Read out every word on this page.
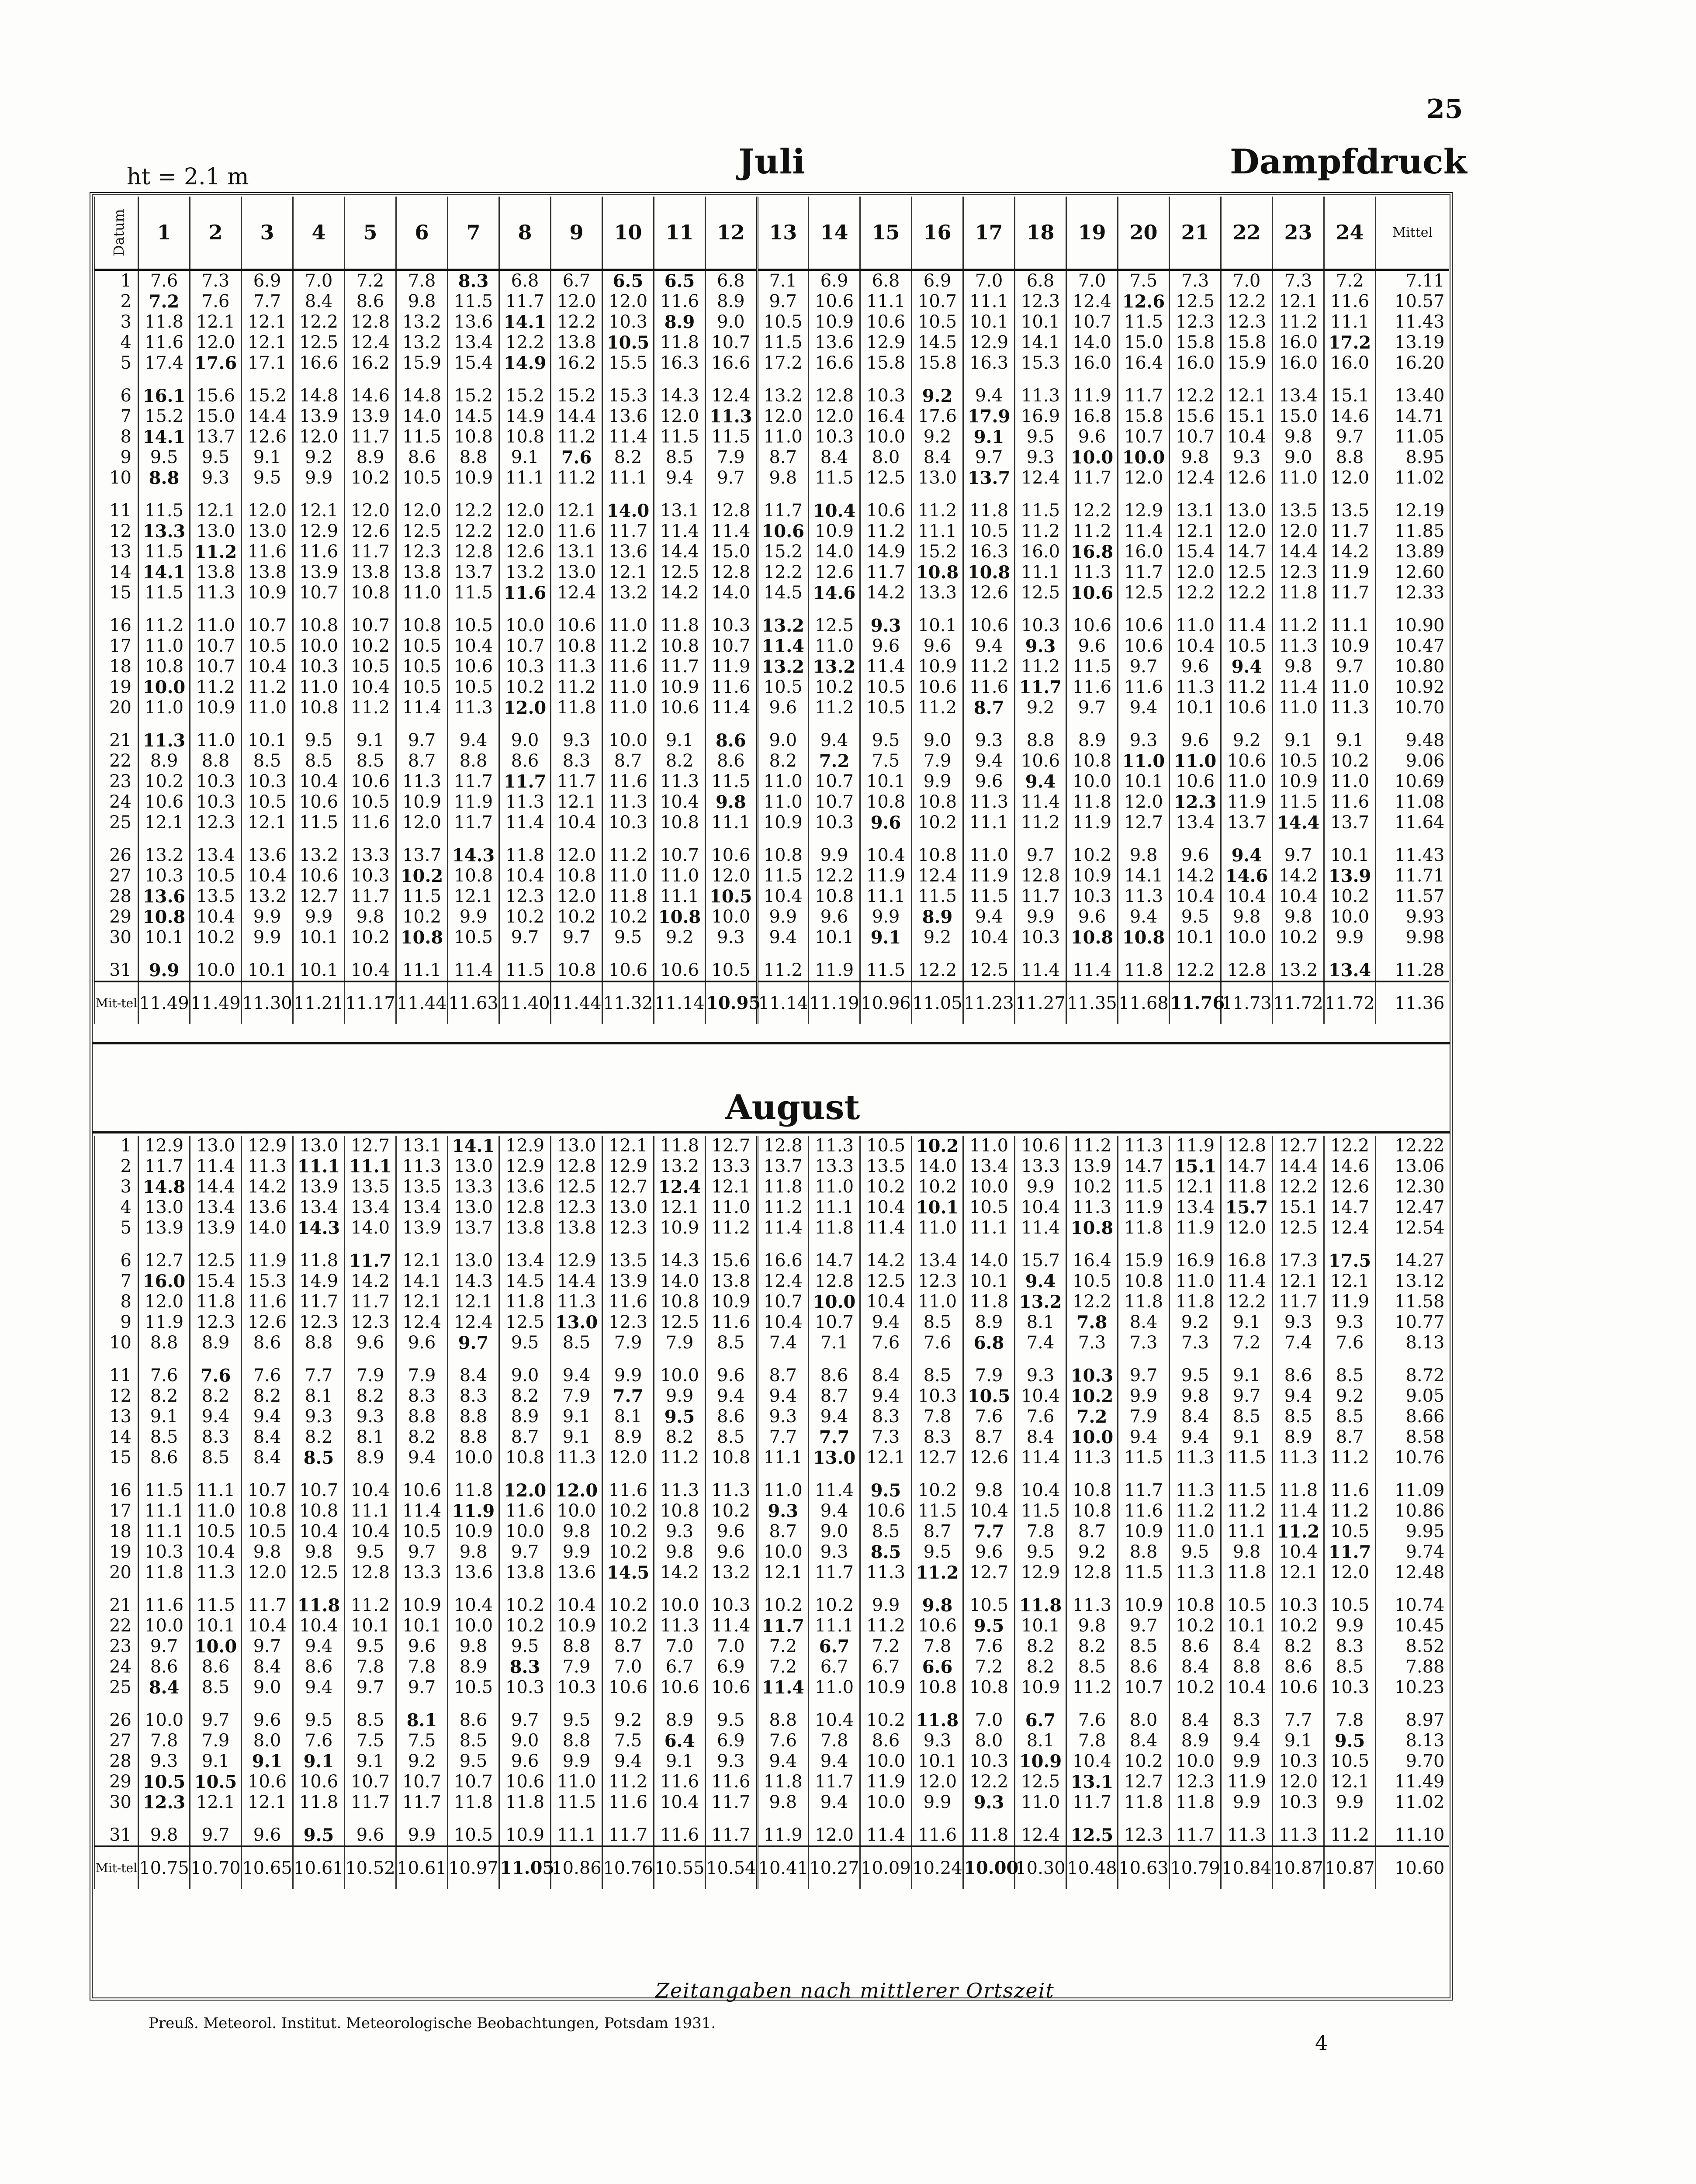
25
ht = 2.1 m	Juli	Dampfdruck
Datum	1	2	3	4	5	6	7	8	9	10	11	12	13	14	15	16	17	18	19	20	21	22	23	24	Mittel
1	7.6	7.3	6.9	7.0	7.2	7.8	8.3	6.8	6.7	6.5	6.5	6.8	7.1	6.9	6.8	6.9	7.0	6.8	7.0	7.5	7.3	7.0	7.3	7.2	7.11
2	7.2	7.6	7.7	8.4	8.6	9.8	11.5	11.7	12.0	12.0	11.6	8.9	9.7	10.6	11.1	10.7	11.1	12.3	12.4	12.6	12.5	12.2	12.1	11.6	10.57
3	11.8	12.1	12.1	12.2	12.8	13.2	13.6	14.1	12.2	10.3	8.9	9.0	10.5	10.9	10.6	10.5	10.1	10.1	10.7	11.5	12.3	12.3	11.2	11.1	11.43
4	11.6	12.0	12.1	12.5	12.4	13.2	13.4	12.2	13.8	10.5	11.8	10.7	11.5	13.6	12.9	14.5	12.9	14.1	14.0	15.0	15.8	15.8	16.0	17.2	13.19
5	17.4	17.6	17.1	16.6	16.2	15.9	15.4	14.9	16.2	15.5	16.3	16.6	17.2	16.6	15.8	15.8	16.3	15.3	16.0	16.4	16.0	15.9	16.0	16.0	16.20
6	16.1	15.6	15.2	14.8	14.6	14.8	15.2	15.2	15.2	15.3	14.3	12.4	13.2	12.8	10.3	9.2	9.4	11.3	11.9	11.7	12.2	12.1	13.4	15.1	13.40
7	15.2	15.0	14.4	13.9	13.9	14.0	14.5	14.9	14.4	13.6	12.0	11.3	12.0	12.0	16.4	17.6	17.9	16.9	16.8	15.8	15.6	15.1	15.0	14.6	14.71
8	14.1	13.7	12.6	12.0	11.7	11.5	10.8	10.8	11.2	11.4	11.5	11.5	11.0	10.3	10.0	9.2	9.1	9.5	9.6	10.7	10.7	10.4	9.8	9.7	11.05
9	9.5	9.5	9.1	9.2	8.9	8.6	8.8	9.1	7.6	8.2	8.5	7.9	8.7	8.4	8.0	8.4	9.7	9.3	10.0	10.0	9.8	9.3	9.0	8.8	8.95
10	8.8	9.3	9.5	9.9	10.2	10.5	10.9	11.1	11.2	11.1	9.4	9.7	9.8	11.5	12.5	13.0	13.7	12.4	11.7	12.0	12.4	12.6	11.0	12.0	11.02
11	11.5	12.1	12.0	12.1	12.0	12.0	12.2	12.0	12.1	14.0	13.1	12.8	11.7	10.4	10.6	11.2	11.8	11.5	12.2	12.9	13.1	13.0	13.5	13.5	12.19
12	13.3	13.0	13.0	12.9	12.6	12.5	12.2	12.0	11.6	11.7	11.4	11.4	10.6	10.9	11.2	11.1	10.5	11.2	11.2	11.4	12.1	12.0	12.0	11.7	11.85
13	11.5	11.2	11.6	11.6	11.7	12.3	12.8	12.6	13.1	13.6	14.4	15.0	15.2	14.0	14.9	15.2	16.3	16.0	16.8	16.0	15.4	14.7	14.4	14.2	13.89
14	14.1	13.8	13.8	13.9	13.8	13.8	13.7	13.2	13.0	12.1	12.5	12.8	12.2	12.6	11.7	10.8	10.8	11.1	11.3	11.7	12.0	12.5	12.3	11.9	12.60
15	11.5	11.3	10.9	10.7	10.8	11.0	11.5	11.6	12.4	13.2	14.2	14.0	14.5	14.6	14.2	13.3	12.6	12.5	10.6	12.5	12.2	12.2	11.8	11.7	12.33
16	11.2	11.0	10.7	10.8	10.7	10.8	10.5	10.0	10.6	11.0	11.8	10.3	13.2	12.5	9.3	10.1	10.6	10.3	10.6	10.6	11.0	11.4	11.2	11.1	10.90
17	11.0	10.7	10.5	10.0	10.2	10.5	10.4	10.7	10.8	11.2	10.8	10.7	11.4	11.0	9.6	9.6	9.4	9.3	9.6	10.6	10.4	10.5	11.3	10.9	10.47
18	10.8	10.7	10.4	10.3	10.5	10.5	10.6	10.3	11.3	11.6	11.7	11.9	13.2	13.2	11.4	10.9	11.2	11.2	11.5	9.7	9.6	9.4	9.8	9.7	10.80
19	10.0	11.2	11.2	11.0	10.4	10.5	10.5	10.2	11.2	11.0	10.9	11.6	10.5	10.2	10.5	10.6	11.6	11.7	11.6	11.6	11.3	11.2	11.4	11.0	10.92
20	11.0	10.9	11.0	10.8	11.2	11.4	11.3	12.0	11.8	11.0	10.6	11.4	9.6	11.2	10.5	11.2	8.7	9.2	9.7	9.4	10.1	10.6	11.0	11.3	10.70
21	11.3	11.0	10.1	9.5	9.1	9.7	9.4	9.0	9.3	10.0	9.1	8.6	9.0	9.4	9.5	9.0	9.3	8.8	8.9	9.3	9.6	9.2	9.1	9.1	9.48
22	8.9	8.8	8.5	8.5	8.5	8.7	8.8	8.6	8.3	8.7	8.2	8.6	8.2	7.2	7.5	7.9	9.4	10.6	10.8	11.0	11.0	10.6	10.5	10.2	9.06
23	10.2	10.3	10.3	10.4	10.6	11.3	11.7	11.7	11.7	11.6	11.3	11.5	11.0	10.7	10.1	9.9	9.6	9.4	10.0	10.1	10.6	11.0	10.9	11.0	10.69
24	10.6	10.3	10.5	10.6	10.5	10.9	11.9	11.3	12.1	11.3	10.4	9.8	11.0	10.7	10.8	10.8	11.3	11.4	11.8	12.0	12.3	11.9	11.5	11.6	11.08
25	12.1	12.3	12.1	11.5	11.6	12.0	11.7	11.4	10.4	10.3	10.8	11.1	10.9	10.3	9.6	10.2	11.1	11.2	11.9	12.7	13.4	13.7	14.4	13.7	11.64
26	13.2	13.4	13.6	13.2	13.3	13.7	14.3	11.8	12.0	11.2	10.7	10.6	10.8	9.9	10.4	10.8	11.0	9.7	10.2	9.8	9.6	9.4	9.7	10.1	11.43
27	10.3	10.5	10.4	10.6	10.3	10.2	10.8	10.4	10.8	11.0	11.0	12.0	11.5	12.2	11.9	12.4	11.9	12.8	10.9	14.1	14.2	14.6	14.2	13.9	11.71
28	13.6	13.5	13.2	12.7	11.7	11.5	12.1	12.3	12.0	11.8	11.1	10.5	10.4	10.8	11.1	11.5	11.5	11.7	10.3	11.3	10.4	10.4	10.4	10.2	11.57
29	10.8	10.4	9.9	9.9	9.8	10.2	9.9	10.2	10.2	10.2	10.8	10.0	9.9	9.6	9.9	8.9	9.4	9.9	9.6	9.4	9.5	9.8	9.8	10.0	9.93
30	10.1	10.2	9.9	10.1	10.2	10.8	10.5	9.7	9.7	9.5	9.2	9.3	9.4	10.1	9.1	9.2	10.4	10.3	10.8	10.8	10.1	10.0	10.2	9.9	9.98
31	9.9	10.0	10.1	10.1	10.4	11.1	11.4	11.5	10.8	10.6	10.6	10.5	11.2	11.9	11.5	12.2	12.5	11.4	11.4	11.8	12.2	12.8	13.2	13.4	11.28
Mit-tel	11.49	11.49	11.30	11.21	11.17	11.44	11.63	11.40	11.44	11.32	11.14	10.95	11.14	11.19	10.96	11.05	11.23	11.27	11.35	11.68	11.76	11.73	11.72	11.72	11.36
August
1	12.9	13.0	12.9	13.0	12.7	13.1	14.1	12.9	13.0	12.1	11.8	12.7	12.8	11.3	10.5	10.2	11.0	10.6	11.2	11.3	11.9	12.8	12.7	12.2	12.22
2	11.7	11.4	11.3	11.1	11.1	11.3	13.0	12.9	12.8	12.9	13.2	13.3	13.7	13.3	13.5	14.0	13.4	13.3	13.9	14.7	15.1	14.7	14.4	14.6	13.06
3	14.8	14.4	14.2	13.9	13.5	13.5	13.3	13.6	12.5	12.7	12.4	12.1	11.8	11.0	10.2	10.2	10.0	9.9	10.2	11.5	12.1	11.8	12.2	12.6	12.30
4	13.0	13.4	13.6	13.4	13.4	13.4	13.0	12.8	12.3	13.0	12.1	11.0	11.2	11.1	10.4	10.1	10.5	10.4	11.3	11.9	13.4	15.7	15.1	14.7	12.47
5	13.9	13.9	14.0	14.3	14.0	13.9	13.7	13.8	13.8	12.3	10.9	11.2	11.4	11.8	11.4	11.0	11.1	11.4	10.8	11.8	11.9	12.0	12.5	12.4	12.54
6	12.7	12.5	11.9	11.8	11.7	12.1	13.0	13.4	12.9	13.5	14.3	15.6	16.6	14.7	14.2	13.4	14.0	15.7	16.4	15.9	16.9	16.8	17.3	17.5	14.27
7	16.0	15.4	15.3	14.9	14.2	14.1	14.3	14.5	14.4	13.9	14.0	13.8	12.4	12.8	12.5	12.3	10.1	9.4	10.5	10.8	11.0	11.4	12.1	12.1	13.12
8	12.0	11.8	11.6	11.7	11.7	12.1	12.1	11.8	11.3	11.6	10.8	10.9	10.7	10.0	10.4	11.0	11.8	13.2	12.2	11.8	11.8	12.2	11.7	11.9	11.58
9	11.9	12.3	12.6	12.3	12.3	12.4	12.4	12.5	13.0	12.3	12.5	11.6	10.4	10.7	9.4	8.5	8.9	8.1	7.8	8.4	9.2	9.1	9.3	9.3	10.77
10	8.8	8.9	8.6	8.8	9.6	9.6	9.7	9.5	8.5	7.9	7.9	8.5	7.4	7.1	7.6	7.6	6.8	7.4	7.3	7.3	7.3	7.2	7.4	7.6	8.13
11	7.6	7.6	7.6	7.7	7.9	7.9	8.4	9.0	9.4	9.9	10.0	9.6	8.7	8.6	8.4	8.5	7.9	9.3	10.3	9.7	9.5	9.1	8.6	8.5	8.72
12	8.2	8.2	8.2	8.1	8.2	8.3	8.3	8.2	7.9	7.7	9.9	9.4	9.4	8.7	9.4	10.3	10.5	10.4	10.2	9.9	9.8	9.7	9.4	9.2	9.05
13	9.1	9.4	9.4	9.3	9.3	8.8	8.8	8.9	9.1	8.1	9.5	8.6	9.3	9.4	8.3	7.8	7.6	7.6	7.2	7.9	8.4	8.5	8.5	8.5	8.66
14	8.5	8.3	8.4	8.2	8.1	8.2	8.8	8.7	9.1	8.9	8.2	8.5	7.7	7.7	7.3	8.3	8.7	8.4	10.0	9.4	9.4	9.1	8.9	8.7	8.58
15	8.6	8.5	8.4	8.5	8.9	9.4	10.0	10.8	11.3	12.0	11.2	10.8	11.1	13.0	12.1	12.7	12.6	11.4	11.3	11.5	11.3	11.5	11.3	11.2	10.76
16	11.5	11.1	10.7	10.7	10.4	10.6	11.8	12.0	12.0	11.6	11.3	11.3	11.0	11.4	9.5	10.2	9.8	10.4	10.8	11.7	11.3	11.5	11.8	11.6	11.09
17	11.1	11.0	10.8	10.8	11.1	11.4	11.9	11.6	10.0	10.2	10.8	10.2	9.3	9.4	10.6	11.5	10.4	11.5	10.8	11.6	11.2	11.2	11.4	11.2	10.86
18	11.1	10.5	10.5	10.4	10.4	10.5	10.9	10.0	9.8	10.2	9.3	9.6	8.7	9.0	8.5	8.7	7.7	7.8	8.7	10.9	11.0	11.1	11.2	10.5	9.95
19	10.3	10.4	9.8	9.8	9.5	9.7	9.8	9.7	9.9	10.2	9.8	9.6	10.0	9.3	8.5	9.5	9.6	9.5	9.2	8.8	9.5	9.8	10.4	11.7	9.74
20	11.8	11.3	12.0	12.5	12.8	13.3	13.6	13.8	13.6	14.5	14.2	13.2	12.1	11.7	11.3	11.2	12.7	12.9	12.8	11.5	11.3	11.8	12.1	12.0	12.48
21	11.6	11.5	11.7	11.8	11.2	10.9	10.4	10.2	10.4	10.2	10.0	10.3	10.2	10.2	9.9	9.8	10.5	11.8	11.3	10.9	10.8	10.5	10.3	10.5	10.74
22	10.0	10.1	10.4	10.4	10.1	10.1	10.0	10.2	10.9	10.2	11.3	11.4	11.7	11.1	11.2	10.6	9.5	10.1	9.8	9.7	10.2	10.1	10.2	9.9	10.45
23	9.7	10.0	9.7	9.4	9.5	9.6	9.8	9.5	8.8	8.7	7.0	7.0	7.2	6.7	7.2	7.8	7.6	8.2	8.2	8.5	8.6	8.4	8.2	8.3	8.52
24	8.6	8.6	8.4	8.6	7.8	7.8	8.9	8.3	7.9	7.0	6.7	6.9	7.2	6.7	6.7	6.6	7.2	8.2	8.5	8.6	8.4	8.8	8.6	8.5	7.88
25	8.4	8.5	9.0	9.4	9.7	9.7	10.5	10.3	10.3	10.6	10.6	10.6	11.4	11.0	10.9	10.8	10.8	10.9	11.2	10.7	10.2	10.4	10.6	10.3	10.23
26	10.0	9.7	9.6	9.5	8.5	8.1	8.6	9.7	9.5	9.2	8.9	9.5	8.8	10.4	10.2	11.8	7.0	6.7	7.6	8.0	8.4	8.3	7.7	7.8	8.97
27	7.8	7.9	8.0	7.6	7.5	7.5	8.5	9.0	8.8	7.5	6.4	6.9	7.6	7.8	8.6	9.3	8.0	8.1	7.8	8.4	8.9	9.4	9.1	9.5	8.13
28	9.3	9.1	9.1	9.1	9.1	9.2	9.5	9.6	9.9	9.4	9.1	9.3	9.4	9.4	10.0	10.1	10.3	10.9	10.4	10.2	10.0	9.9	10.3	10.5	9.70
29	10.5	10.5	10.6	10.6	10.7	10.7	10.7	10.6	11.0	11.2	11.6	11.6	11.8	11.7	11.9	12.0	12.2	12.5	13.1	12.7	12.3	11.9	12.0	12.1	11.49
30	12.3	12.1	12.1	11.8	11.7	11.7	11.8	11.8	11.5	11.6	10.4	11.7	9.8	9.4	10.0	9.9	9.3	11.0	11.7	11.8	11.8	9.9	10.3	9.9	11.02
31	9.8	9.7	9.6	9.5	9.6	9.9	10.5	10.9	11.1	11.7	11.6	11.7	11.9	12.0	11.4	11.6	11.8	12.4	12.5	12.3	11.7	11.3	11.3	11.2	11.10
Mit-tel	10.75	10.70	10.65	10.61	10.52	10.61	10.97	11.05	10.86	10.76	10.55	10.54	10.41	10.27	10.09	10.24	10.00	10.30	10.48	10.63	10.79	10.84	10.87	10.87	10.60
Zeitangaben nach mittlerer Ortszeit
Preuß. Meteorol. Institut. Meteorologische Beobachtungen, Potsdam 1931.
4
